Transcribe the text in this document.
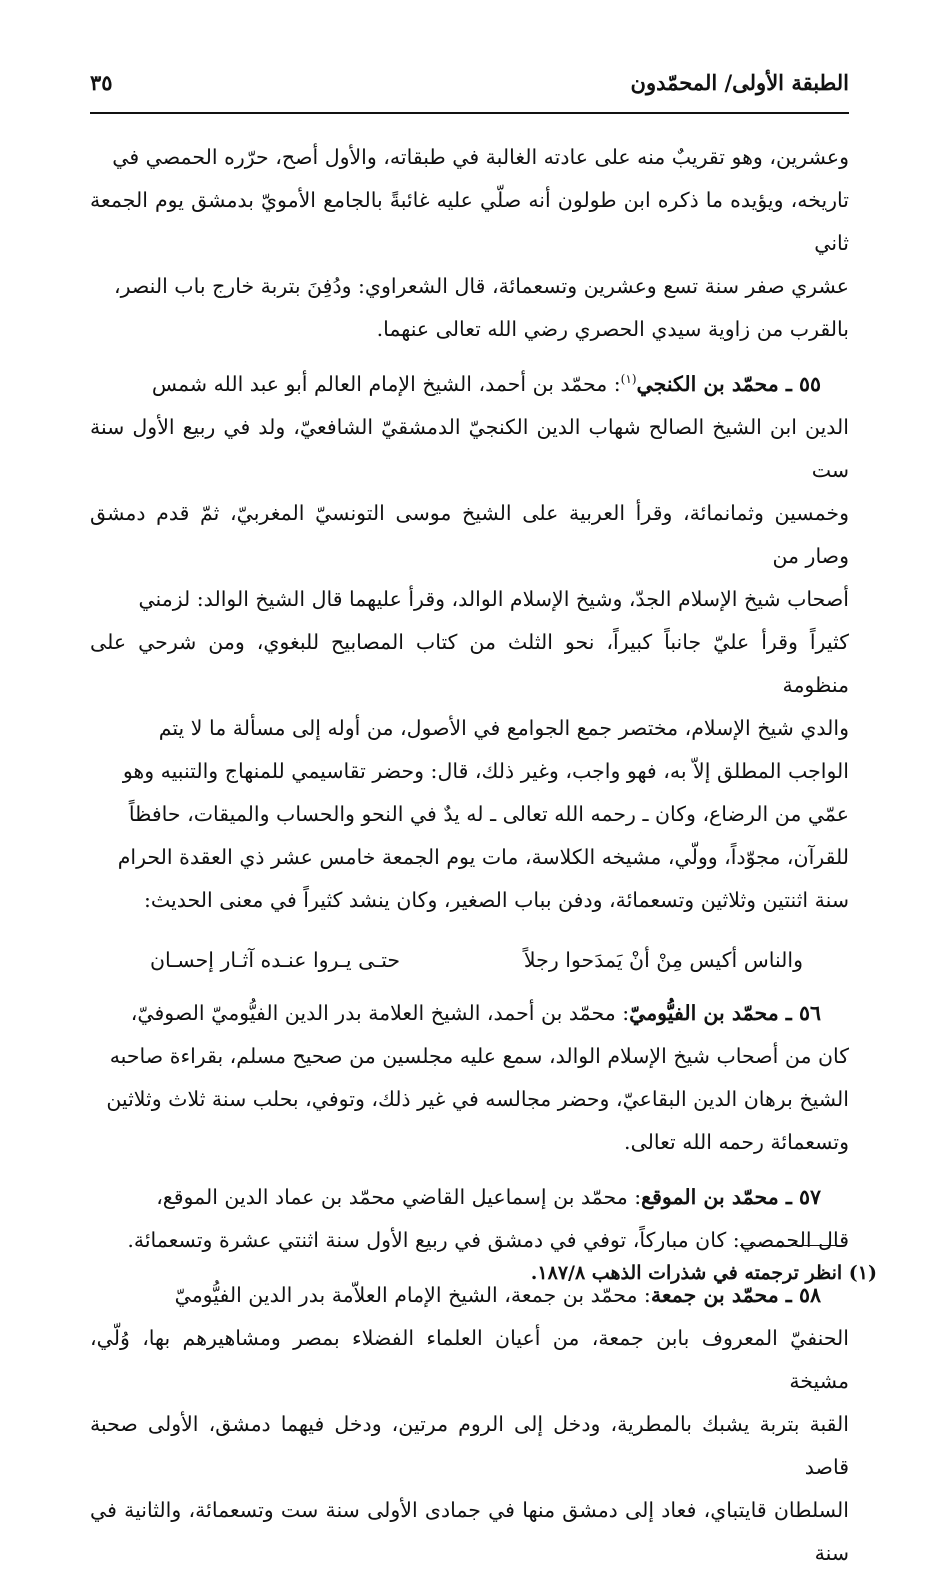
الطبقة الأولى/ المحمّدون
٣٥

وعشرين، وهو تقريبٌ منه على عادته الغالبة في طبقاته، والأول أصح، حرّره الحمصي في

تاريخه، ويؤيده ما ذكره ابن طولون أنه صلّي عليه غائبةً بالجامع الأمويّ بدمشق يوم الجمعة ثاني

عشري صفر سنة تسع وعشرين وتسعمائة، قال الشعراوي: ودُفِنَ بتربة خارج باب النصر،

بالقرب من زاوية سيدي الحصري رضي الله تعالى عنهما.

٥٥ ـ محمّد بن الكنجي$^{(١)}$: محمّد بن أحمد، الشيخ الإمام العالم أبو عبد الله شمس

الدين ابن الشيخ الصالح شهاب الدين الكنجيّ الدمشقيّ الشافعيّ، ولد في ربيع الأول سنة ست

وخمسين وثمانمائة، وقرأ العربية على الشيخ موسى التونسيّ المغربيّ، ثمّ قدم دمشق وصار من

أصحاب شيخ الإسلام الجدّ، وشيخ الإسلام الوالد، وقرأ عليهما قال الشيخ الوالد: لزمني

كثيراً وقرأ عليّ جانباً كبيراً، نحو الثلث من كتاب المصابيح للبغوي، ومن شرحي على منظومة

والدي شيخ الإسلام، مختصر جمع الجوامع في الأصول، من أوله إلى مسألة ما لا يتم

الواجب المطلق إلاّ به، فهو واجب، وغير ذلك، قال: وحضر تقاسيمي للمنهاج والتنبيه وهو

عمّي من الرضاع، وكان ـ رحمه الله تعالى ـ له يدٌ في النحو والحساب والميقات، حافظاً

للقرآن، مجوّداً، وولّي، مشيخه الكلاسة، مات يوم الجمعة خامس عشر ذي العقدة الحرام

سنة اثنتين وثلاثين وتسعمائة، ودفن بباب الصغير، وكان ينشد كثيراً في معنى الحديث:

والناس أكيس مِنْ أنْ يَمدَحوا رجلاً
حتـى يـروا عنـده آثـار إحسـان

٥٦ ـ محمّد بن الفيُّوميّ: محمّد بن أحمد، الشيخ العلامة بدر الدين الفيُّوميّ الصوفيّ،

كان من أصحاب شيخ الإسلام الوالد، سمع عليه مجلسين من صحيح مسلم، بقراءة صاحبه

الشيخ برهان الدين البقاعيّ، وحضر مجالسه في غير ذلك، وتوفي، بحلب سنة ثلاث وثلاثين

وتسعمائة رحمه الله تعالى.

٥٧ ـ محمّد بن الموقع: محمّد بن إسماعيل القاضي محمّد بن عماد الدين الموقع،

قال الحمصي: كان مباركاً، توفي في دمشق في ربيع الأول سنة اثنتي عشرة وتسعمائة.

٥٨ ـ محمّد بن جمعة: محمّد بن جمعة، الشيخ الإمام العلاّمة بدر الدين الفيُّوميّ

الحنفيّ المعروف بابن جمعة، من أعيان العلماء الفضلاء بمصر ومشاهيرهم بها، وُلّي، مشيخة

القبة بتربة يشبك بالمطرية، ودخل إلى الروم مرتين، ودخل فيهما دمشق، الأولى صحبة قاصد

السلطان قايتباي، فعاد إلى دمشق منها في جمادى الأولى سنة ست وتسعمائة، والثانية في سنة

(١) انظر ترجمته في شذرات الذهب ١٨٧/٨.
